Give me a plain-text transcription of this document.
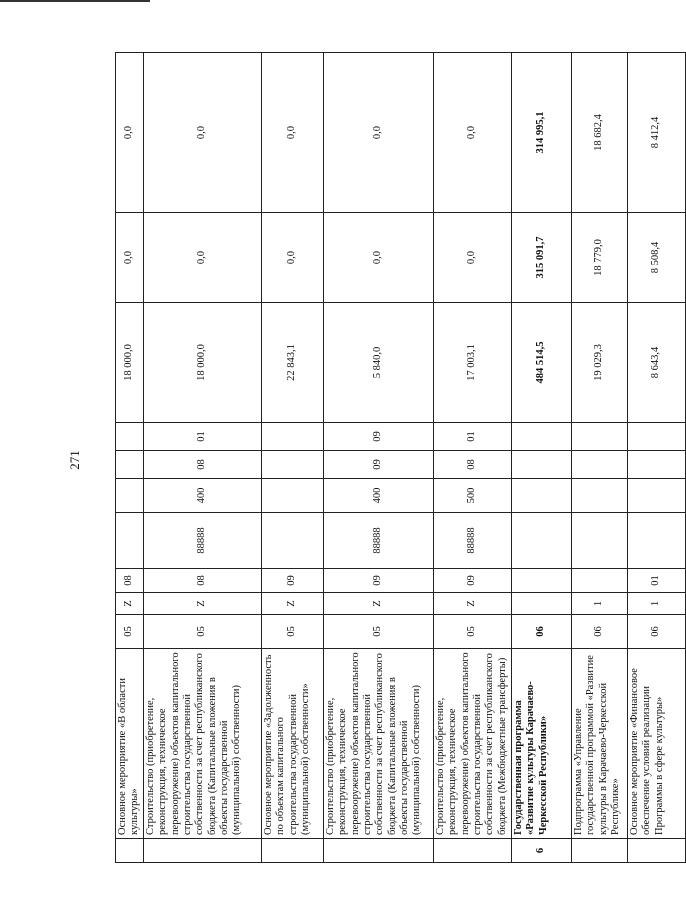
271
	Основное мероприятие «В области культуры»	05	Z	08					18 000,0	0,0	0,0
	Строительство (приобретение, реконструкция, техническое перевооружение) объектов капитального строительства государственной собственности за счет республиканского бюджета (Капитальные вложения в объекты государственной (муниципальной) собственности)	05	Z	08	88888	400	08	01	18 000,0	0,0	0,0
	Основное мероприятие «Задолженность по объектам капитального строительства государственной (муниципальной) собственности»	05	Z	09					22 843,1	0,0	0,0
	Строительство (приобретение, реконструкция, техническое перевооружение) объектов капитального строительства государственной собственности за счет республиканского бюджета (Капитальные вложения в объекты государственной (муниципальной) собственности)	05	Z	09	88888	400	09	09	5 840,0	0,0	0,0
	Строительство (приобретение, реконструкция, техническое перевооружение) объектов капитального строительства государственной собственности за счет республиканского бюджета (Межбюджетные трансферты)	05	Z	09	88888	500	08	01	17 003,1	0,0	0,0
6	Государственная программа «Развитие культуры Карачаево-Черкесской Республики»	06							484 514,5	315 091,7	314 995,1
	Подпрограмма «Управление государственной программой «Развитие культуры в Карачаево-Черкесской Республике»	06	1						19 029,3	18 779,0	18 682,4
	Основное мероприятие «Финансовое обеспечение условий реализации Программы в сфере культуры»	06	1	01					8 643,4	8 508,4	8 412,4
